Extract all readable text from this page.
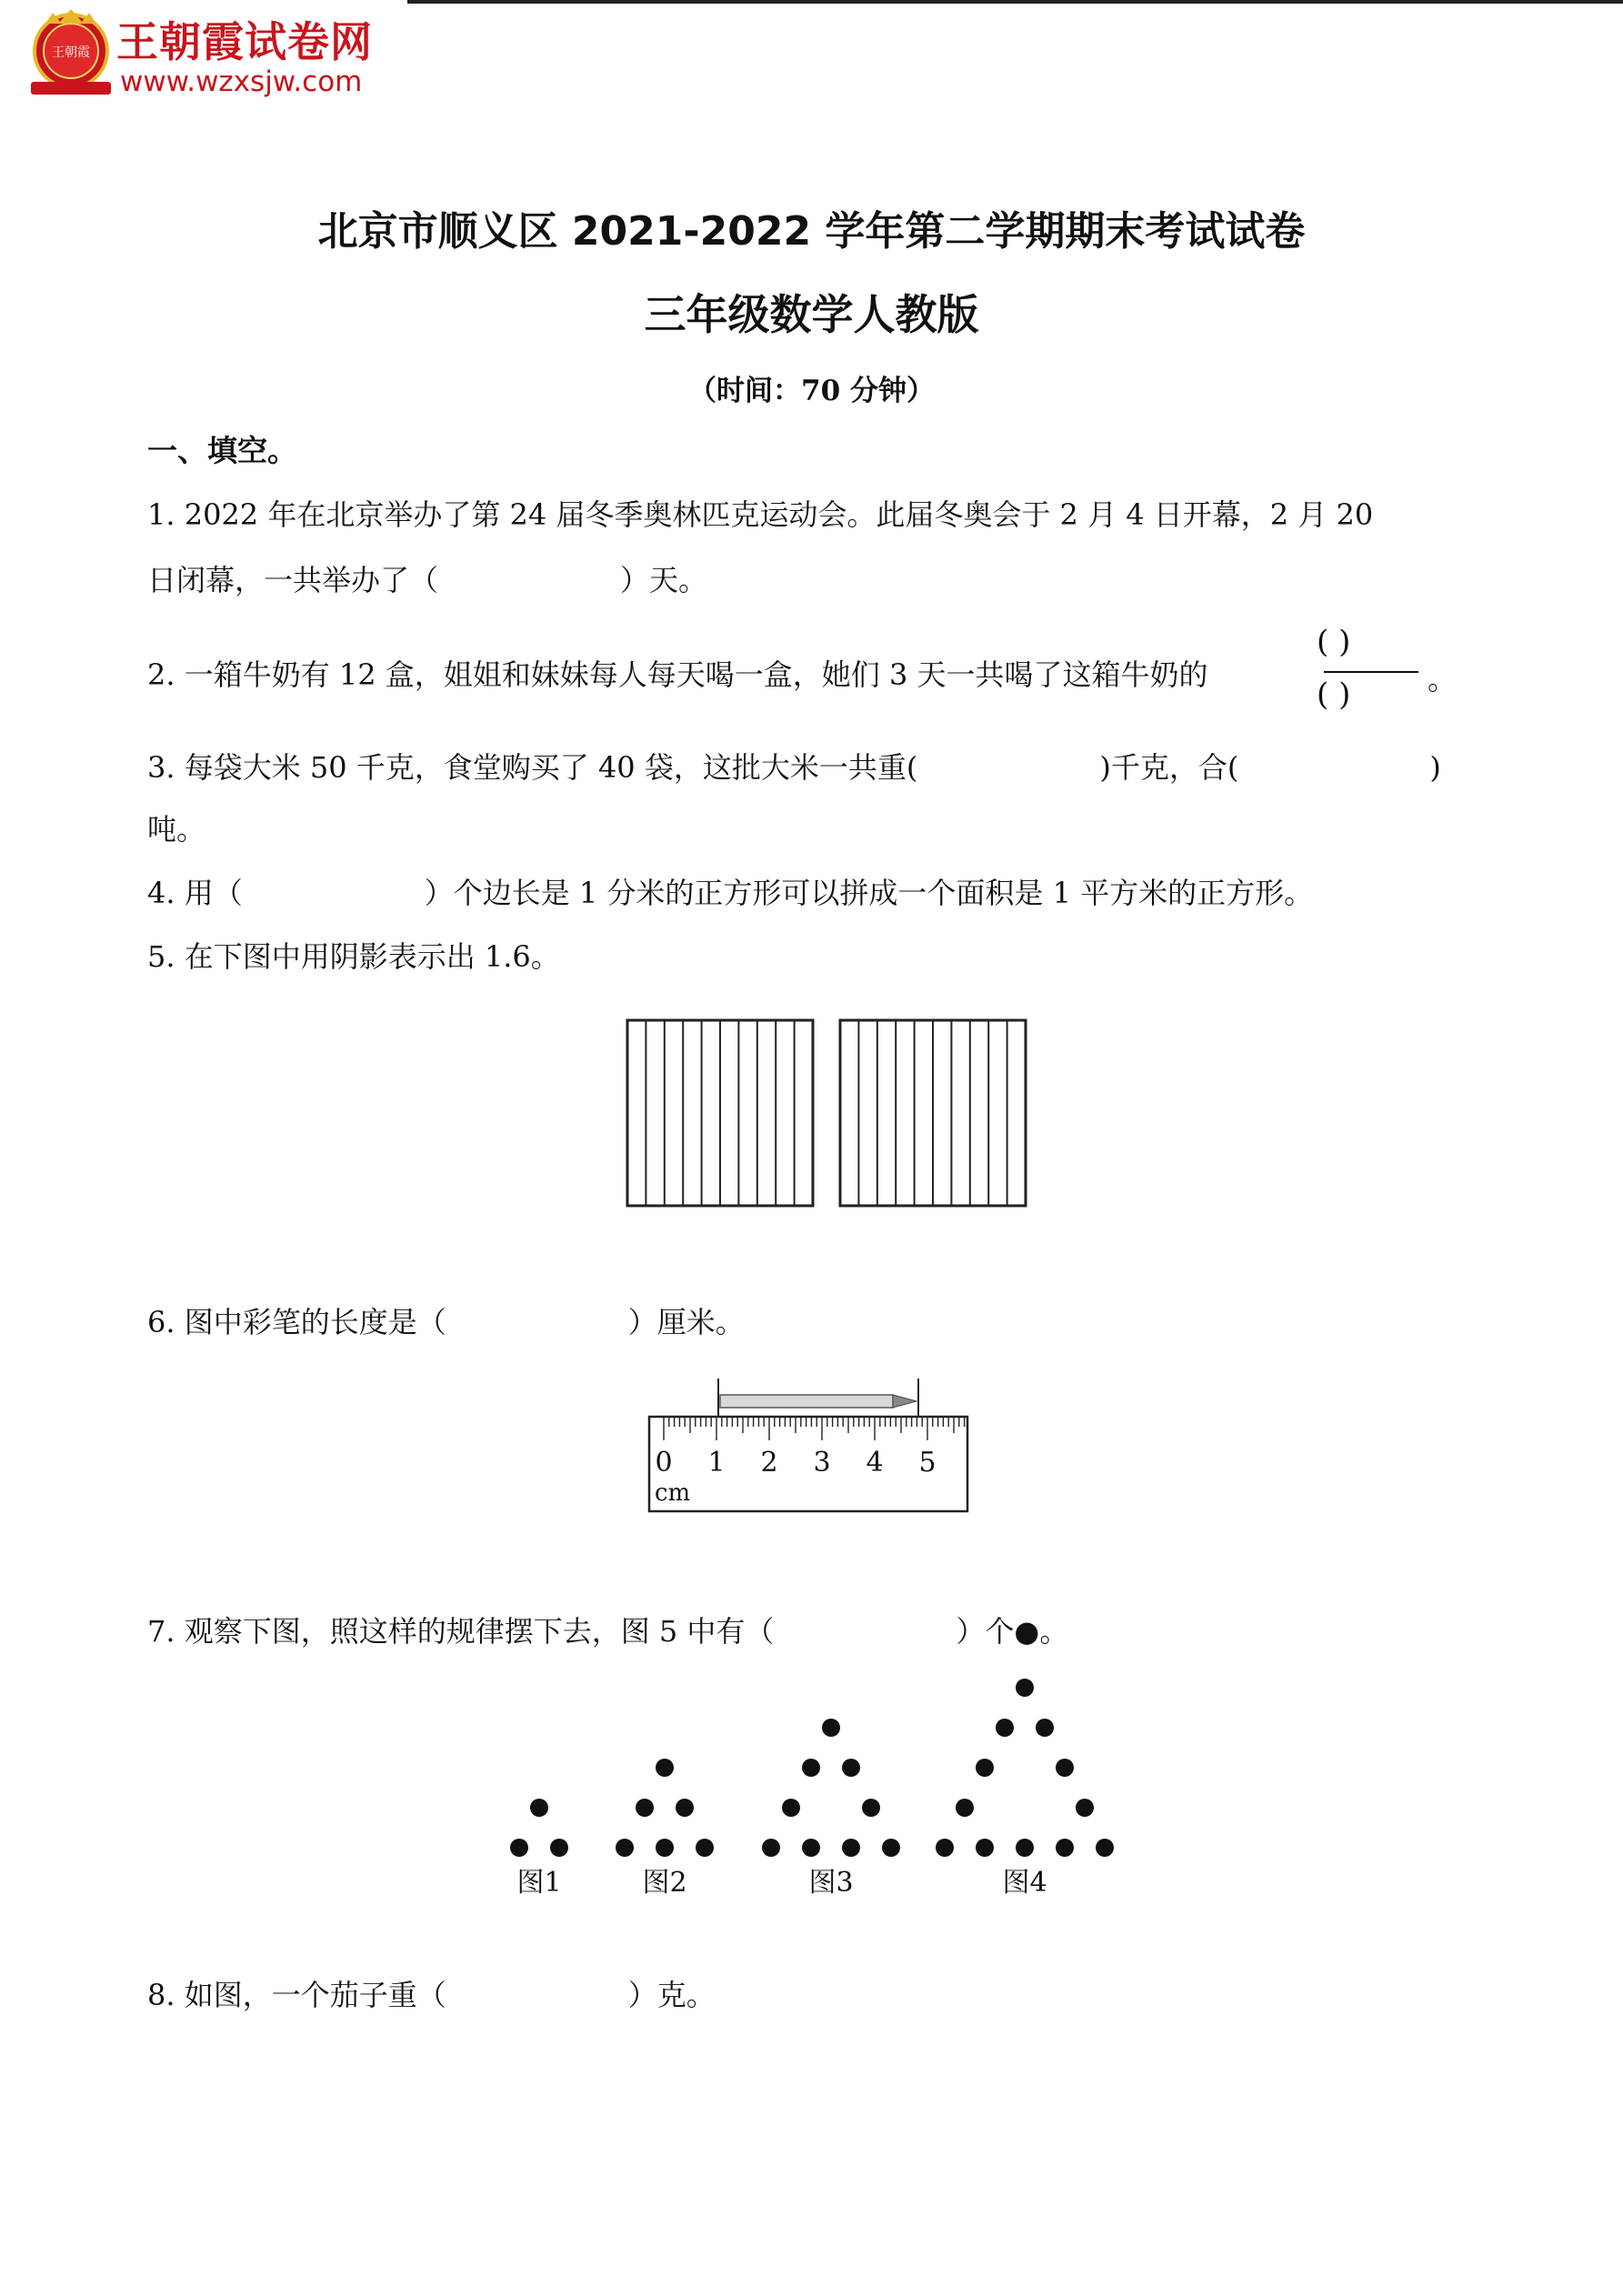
王朝霞 王朝霞试卷网
www.wzxsjw.com
北京市顺义区 2021-2022 学年第二学期期末考试试卷
三年级数学人教版
（时间：70 分钟）
一、填空。
1. 2022 年在北京举办了第 24 届冬季奥林匹克运动会。此届冬奥会于 2 月 4 日开幕，2 月 20
日闭幕，一共举办了（	）天。
2. 一箱牛奶有 12 盒，姐姐和妹妹每人每天喝一盒，她们 3 天一共喝了这箱牛奶的
( )
( )	。
3. 每袋大米 50 千克，食堂购买了 40 袋，这批大米一共重(	)千克，合(	)
吨。
4. 用（	）个边长是 1 分米的正方形可以拼成一个面积是 1 平方米的正方形。
5. 在下图中用阴影表示出 1.6。
6. 图中彩笔的长度是（	）厘米。
0 1 2 3 4 5
cm
7. 观察下图，照这样的规律摆下去，图 5 中有（	）个●。
图1	图2	图3	图4
8. 如图，一个茄子重（	）克。
